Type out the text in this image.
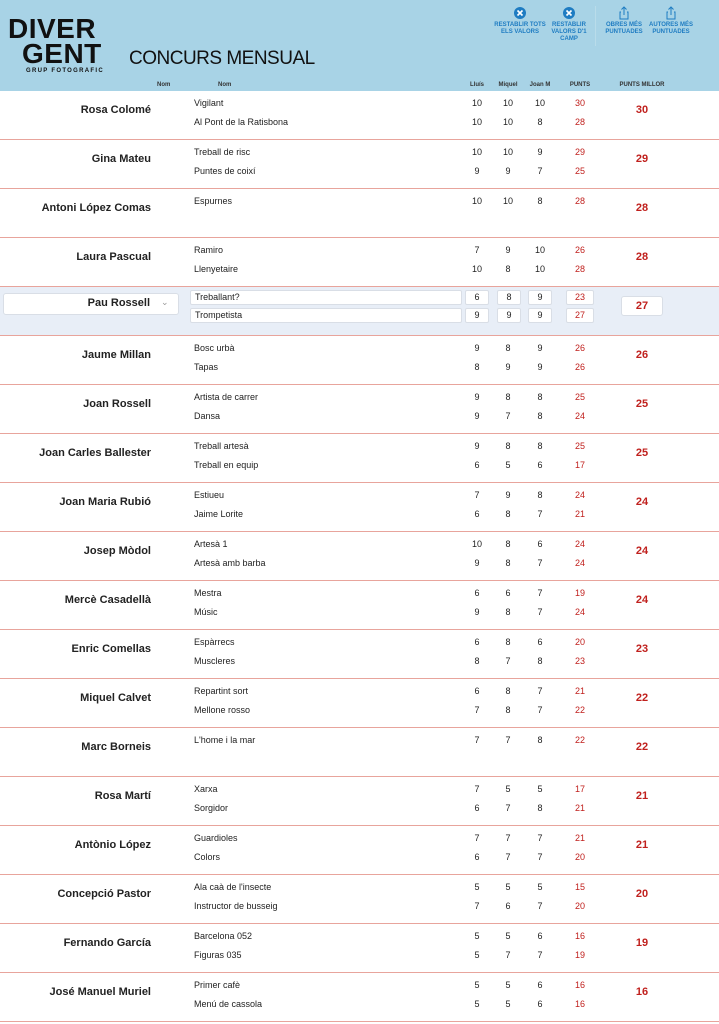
DIVER
GENT
GRUP FOTOGRAFIC
CONCURS MENSUAL
RESTABLIR TOTS ELS VALORS
RESTABLIR VALORS D'1 CAMP
OBRES MÉS PUNTUADES
AUTORES MÉS PUNTUADES
Nom	Nom	Lluís	Miquel	Joan M	PUNTS	PUNTS MILLOR
Rosa Colomé
Vigilant	10	10	10	30
Al Pont de la Ratisbona	10	10	8	28
30
Gina Mateu
Treball de risc	10	10	9	29
Puntes de coixí	9	9	7	25
29
Antoni López Comas
Espurnes	10	10	8	28
28
Laura Pascual
Ramiro	7	9	10	26
Llenyetaire	10	8	10	28
28
⌄
Pau Rossell	Treballant?	6	8	9	23
Trompetista	9	9	9	27
27
Jaume Millan
Bosc urbà	9	8	9	26
Tapas	8	9	9	26
26
Joan Rossell
Artista de carrer	9	8	8	25
Dansa	9	7	8	24
25
Joan Carles Ballester
Treball artesà	9	8	8	25
Treball en equip	6	5	6	17
25
Joan Maria Rubió
Estiueu	7	9	8	24
Jaime Lorite	6	8	7	21
24
Josep Mòdol
Artesà 1	10	8	6	24
Artesà amb barba	9	8	7	24
24
Mercè Casadellà
Mestra	6	6	7	19
Músic	9	8	7	24
24
Enric Comellas
Espàrrecs	6	8	6	20
Muscleres	8	7	8	23
23
Miquel Calvet
Repartint sort	6	8	7	21
Mellone rosso	7	8	7	22
22
Marc Borneis
L'home i la mar	7	7	8	22
22
Rosa Martí
Xarxa	7	5	5	17
Sorgidor	6	7	8	21
21
Antònio López
Guardioles	7	7	7	21
Colors	6	7	7	20
21
Concepció Pastor
Ala caà de l'insecte	5	5	5	15
Instructor de busseig	7	6	7	20
20
Fernando García
Barcelona 052	5	5	6	16
Figuras 035	5	7	7	19
19
José Manuel Muriel
Primer cafè	5	5	6	16
Menú de cassola	5	5	6	16
16
